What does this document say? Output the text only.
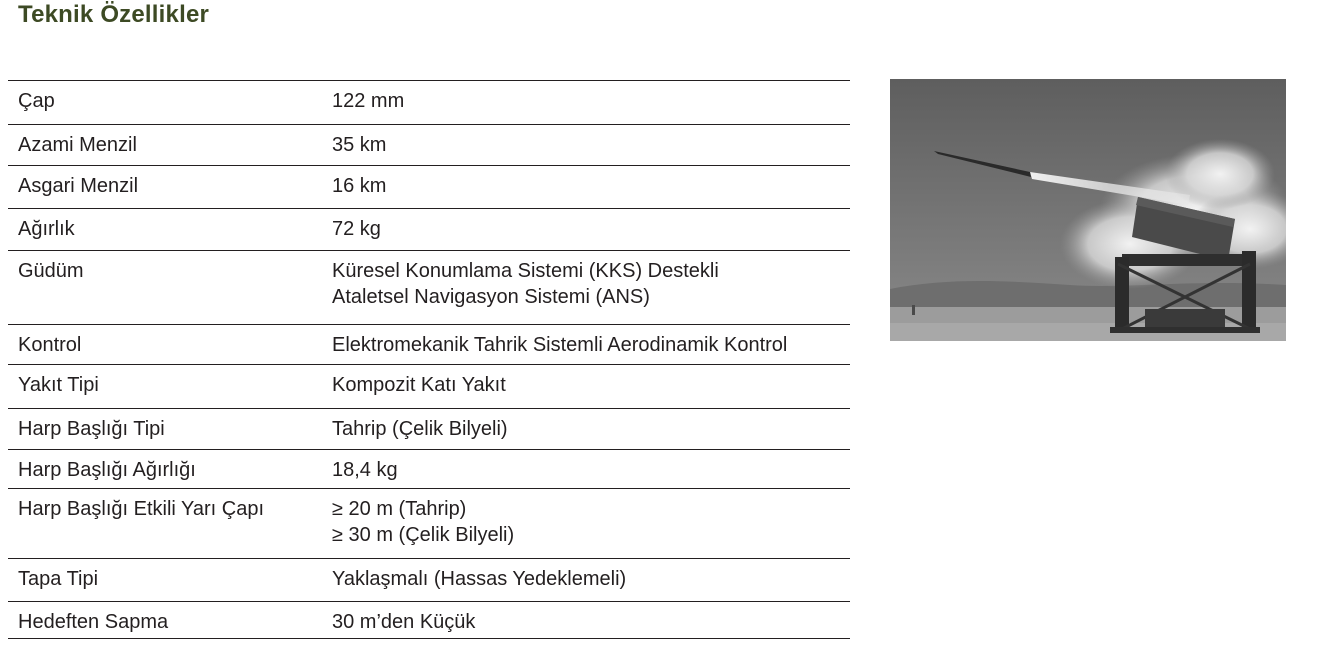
Teknik Özellikler
Çap	122 mm
Azami Menzil	35 km
Asgari Menzil	16 km
Ağırlık	72 kg
Güdüm	Küresel Konumlama Sistemi (KKS) Destekli
Ataletsel Navigasyon Sistemi (ANS)
Kontrol	Elektromekanik Tahrik Sistemli Aerodinamik Kontrol
Yakıt Tipi	Kompozit Katı Yakıt
Harp Başlığı Tipi	Tahrip (Çelik Bilyeli)
Harp Başlığı Ağırlığı	18,4 kg
Harp Başlığı Etkili Yarı Çapı	≥ 20 m (Tahrip)
≥ 30 m (Çelik Bilyeli)
Tapa Tipi	Yaklaşmalı (Hassas Yedeklemeli)
Hedeften Sapma	30 m’den Küçük
